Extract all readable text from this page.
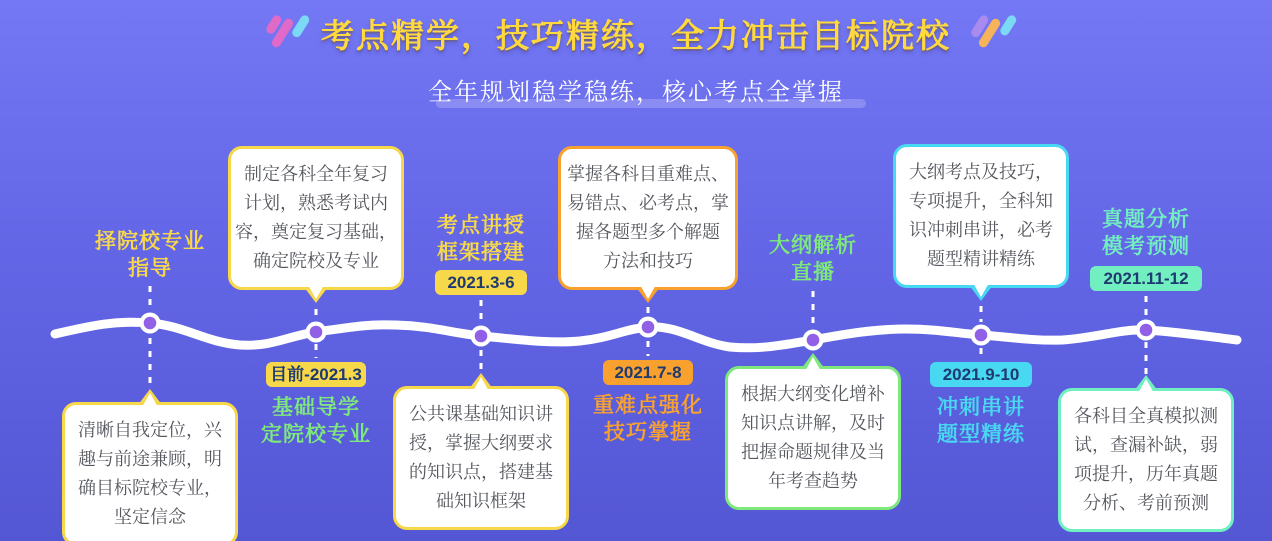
考点精学，技巧精练，全力冲击目标院校
全年规划稳学稳练，核心考点全掌握
择院校专业
指导
清晰自我定位，兴
趣与前途兼顾，明
确目标院校专业，
坚定信念
制定各科全年复习
计划，熟悉考试内
容，奠定复习基础，
确定院校及专业
目前-2021.3
基础导学
定院校专业
考点讲授
框架搭建
2021.3-6
公共课基础知识讲
授，掌握大纲要求
的知识点，搭建基
础知识框架
掌握各科目重难点、
易错点、必考点，掌
握各题型多个解题
方法和技巧
2021.7-8
重难点强化
技巧掌握
大纲解析
直播
根据大纲变化增补
知识点讲解，及时
把握命题规律及当
年考查趋势
大纲考点及技巧，
专项提升，全科知
识冲刺串讲，必考
题型精讲精练
2021.9-10
冲刺串讲
题型精练
真题分析
模考预测
2021.11-12
各科目全真模拟测
试，查漏补缺，弱
项提升，历年真题
分析、考前预测
